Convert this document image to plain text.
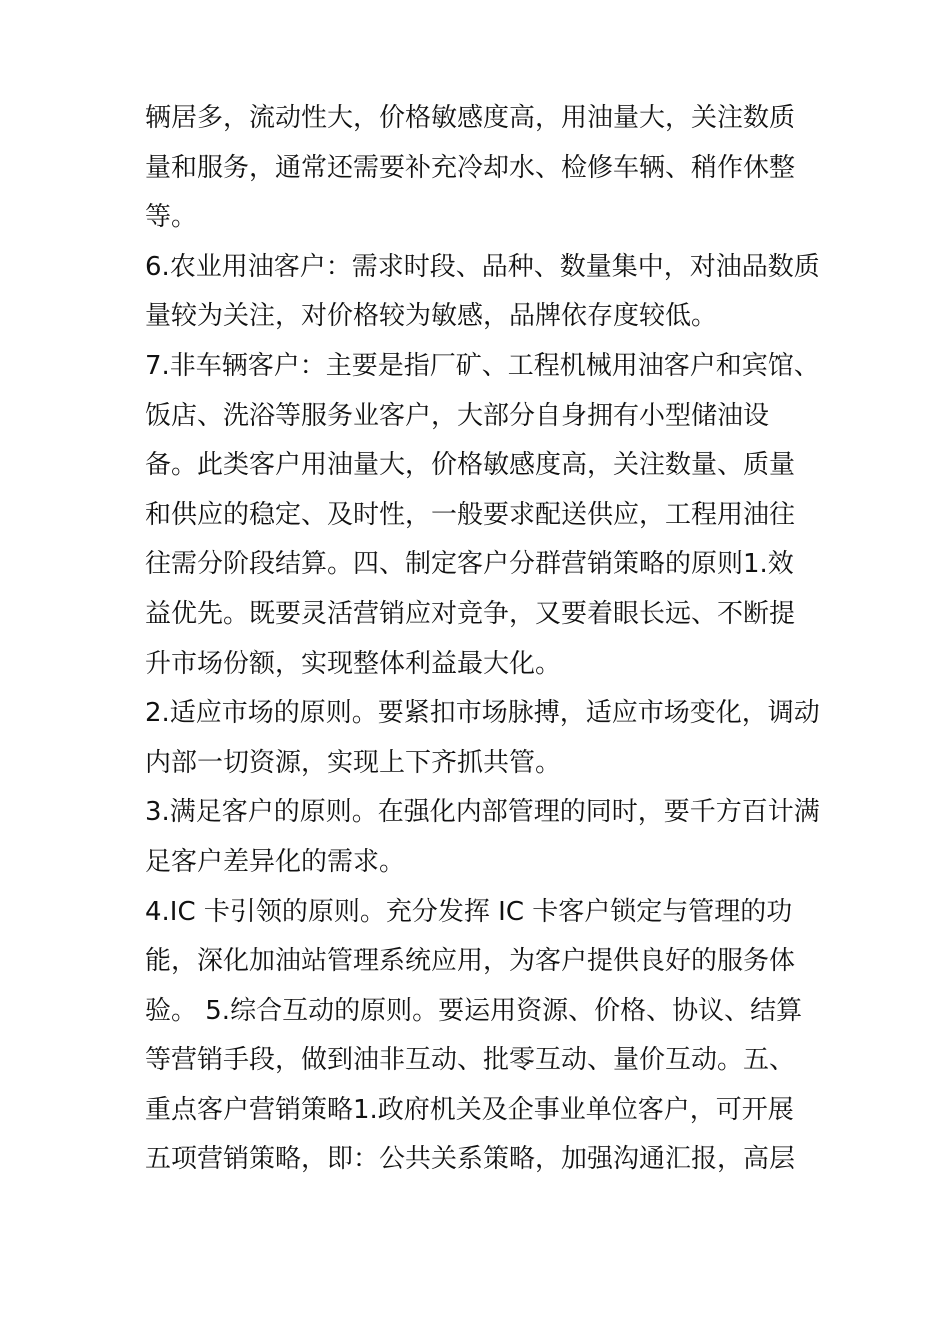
辆居多，流动性大，价格敏感度高，用油量大，关注数质
量和服务，通常还需要补充冷却水、检修车辆、稍作休整
等。
6.农业用油客户：需求时段、品种、数量集中，对油品数质
量较为关注，对价格较为敏感，品牌依存度较低。
7.非车辆客户：主要是指厂矿、工程机械用油客户和宾馆、
饭店、洗浴等服务业客户，大部分自身拥有小型储油设
备。此类客户用油量大，价格敏感度高，关注数量、质量
和供应的稳定、及时性，一般要求配送供应，工程用油往
往需分阶段结算。四、制定客户分群营销策略的原则1.效
益优先。既要灵活营销应对竞争，又要着眼长远、不断提
升市场份额，实现整体利益最大化。
2.适应市场的原则。要紧扣市场脉搏，适应市场变化，调动
内部一切资源，实现上下齐抓共管。
3.满足客户的原则。在强化内部管理的同时，要千方百计满
足客户差异化的需求。
4.IC 卡引领的原则。充分发挥 IC 卡客户锁定与管理的功
能，深化加油站管理系统应用，为客户提供良好的服务体
验。 5.综合互动的原则。要运用资源、价格、协议、结算
等营销手段，做到油非互动、批零互动、量价互动。五、
重点客户营销策略1.政府机关及企事业单位客户，可开展
五项营销策略，即：公共关系策略，加强沟通汇报，高层
